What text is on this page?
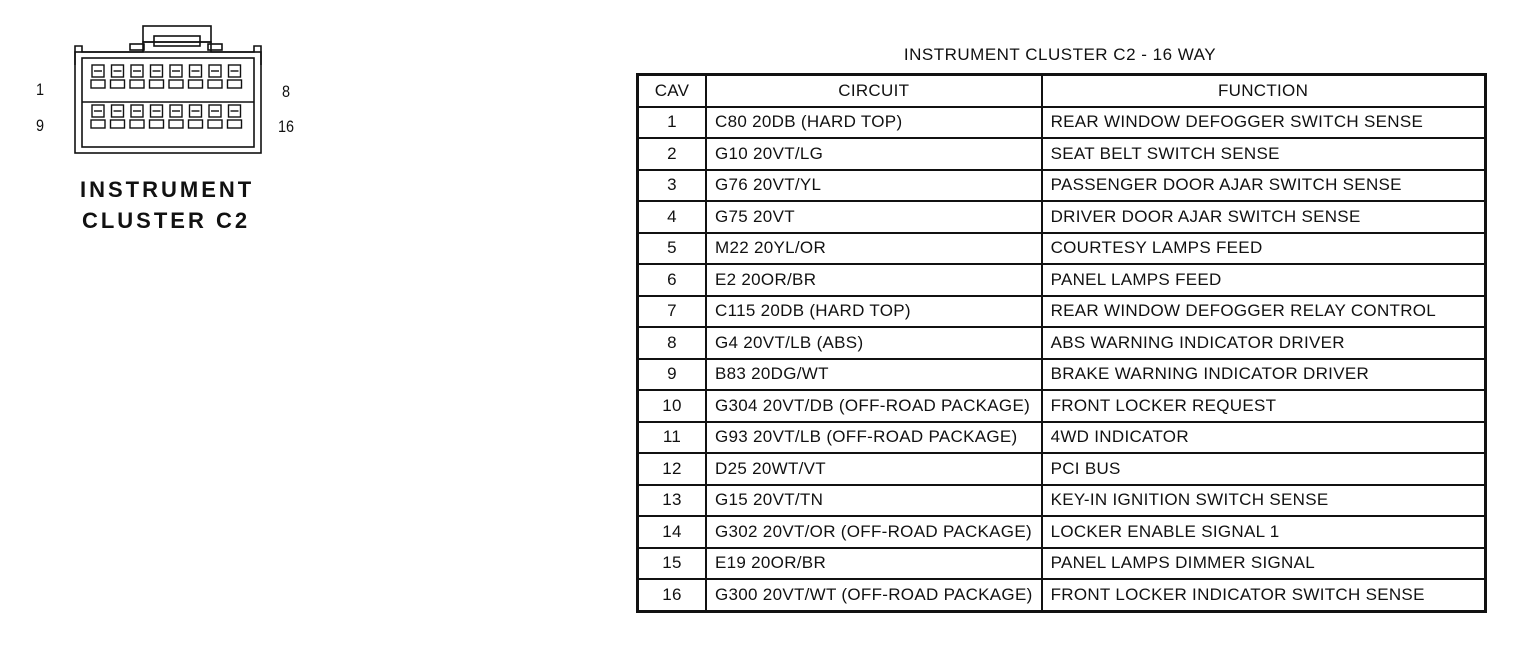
1	8
9	16
INSTRUMENT
CLUSTER C2
INSTRUMENT CLUSTER C2 - 16 WAY
CAV	CIRCUIT	FUNCTION
1	C80 20DB (HARD TOP)	REAR WINDOW DEFOGGER SWITCH SENSE
2	G10 20VT/LG	SEAT BELT SWITCH SENSE
3	G76 20VT/YL	PASSENGER DOOR AJAR SWITCH SENSE
4	G75 20VT	DRIVER DOOR AJAR SWITCH SENSE
5	M22 20YL/OR	COURTESY LAMPS FEED
6	E2 20OR/BR	PANEL LAMPS FEED
7	C115 20DB (HARD TOP)	REAR WINDOW DEFOGGER RELAY CONTROL
8	G4 20VT/LB (ABS)	ABS WARNING INDICATOR DRIVER
9	B83 20DG/WT	BRAKE WARNING INDICATOR DRIVER
10	G304 20VT/DB (OFF-ROAD PACKAGE)	FRONT LOCKER REQUEST
11	G93 20VT/LB (OFF-ROAD PACKAGE)	4WD INDICATOR
12	D25 20WT/VT	PCI BUS
13	G15 20VT/TN	KEY-IN IGNITION SWITCH SENSE
14	G302 20VT/OR (OFF-ROAD PACKAGE)	LOCKER ENABLE SIGNAL 1
15	E19 20OR/BR	PANEL LAMPS DIMMER SIGNAL
16	G300 20VT/WT (OFF-ROAD PACKAGE)	FRONT LOCKER INDICATOR SWITCH SENSE
